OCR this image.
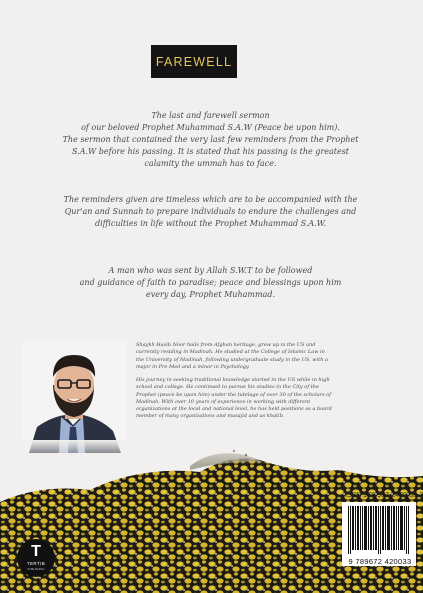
FAREWELL

The last and farewell sermon
of our beloved Prophet Muhammad S.A.W (Peace be upon him).
The sermon that contained the very last few reminders from the Prophet
S.A.W before his passing. It is stated that his passing is the greatest
calamity the ummah has to face.

The reminders given are timeless which are to be accompanied with the
Qur'an and Sunnah to prepare individuals to endure the challenges and
difficulties in life without the Prophet Muhammad S.A.W.

A man who was sent by Allah S.W.T to be followed
and guidance of faith to paradise; peace and blessings upon him
every day, Prophet Muhammad.

Shaykh Hasib Noor hails from Afghan heritage, grew up in the US and
currently residing in Madinah. He studied at the College of Islamic Law in
the University of Madinah, following undergraduate study in the US, with a
major in Pre-Med and a minor in Psychology.

His journey in seeking traditional knowledge started in the US while in high
school and college. He continued to pursue his studies in the City of the
Prophet (peace be upon him) under the tutelage of over 30 of the scholars of
Madinah. With over 10 years of experience in working with different
organizations at the local and national level, he has held positions as a board
member of many organizations and masajid and as khatib.

ISBN 978-967-2420-03-3
9 789672 420033
T
TERTIB
PUBLISHING
